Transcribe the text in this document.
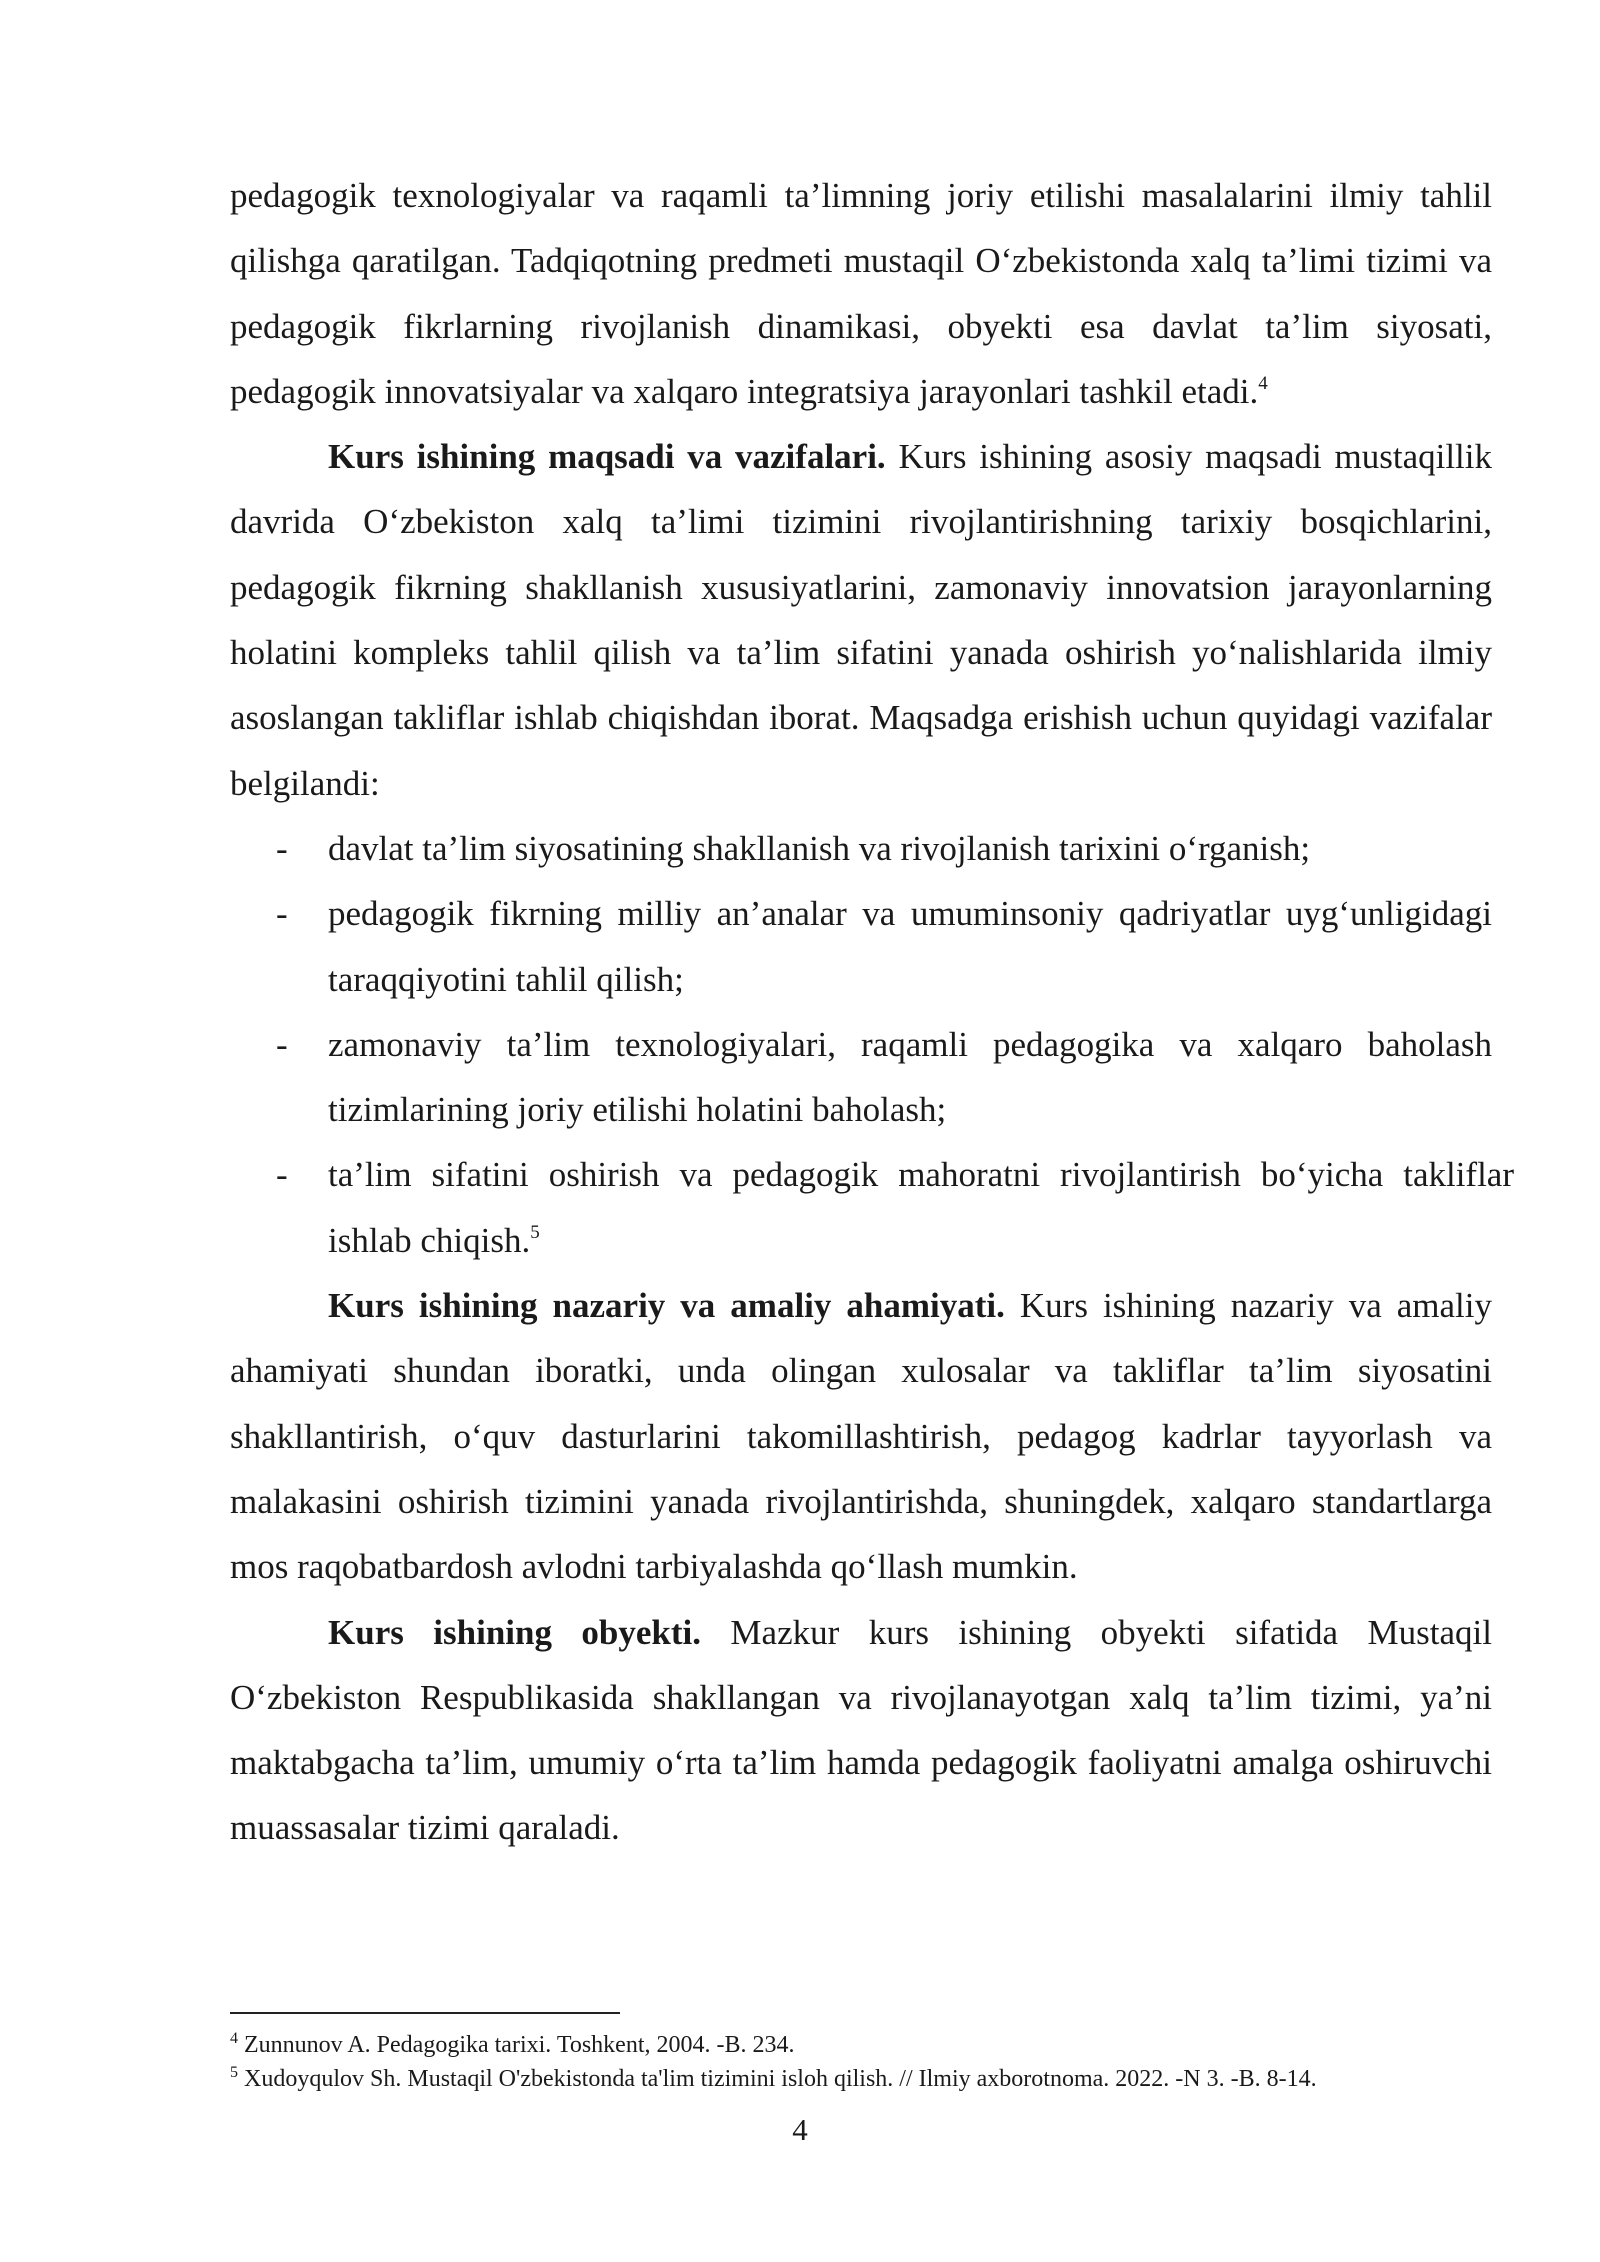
pedagogik texnologiyalar va raqamli ta’limning joriy etilishi masalalarini ilmiy tahlil qilishga qaratilgan. Tadqiqotning predmeti mustaqil O‘zbekistonda xalq ta’limi tizimi va pedagogik fikrlarning rivojlanish dinamikasi, obyekti esa davlat ta’lim siyosati, pedagogik innovatsiyalar va xalqaro integratsiya jarayonlari tashkil etadi.$^4$

Kurs ishining maqsadi va vazifalari. Kurs ishining asosiy maqsadi mustaqillik davrida O‘zbekiston xalq ta’limi tizimini rivojlantirishning tarixiy bosqichlarini, pedagogik fikrning shakllanish xususiyatlarini, zamonaviy innovatsion jarayonlarning holatini kompleks tahlil qilish va ta’lim sifatini yanada oshirish yo‘nalishlarida ilmiy asoslangan takliflar ishlab chiqishdan iborat. Maqsadga erishish uchun quyidagi vazifalar belgilandi:

- davlat ta’lim siyosatining shakllanish va rivojlanish tarixini o‘rganish;
- pedagogik fikrning milliy an’analar va umuminsoniy qadriyatlar uyg‘unligidagi taraqqiyotini tahlil qilish;
- zamonaviy ta’lim texnologiyalari, raqamli pedagogika va xalqaro baholash tizimlarining joriy etilishi holatini baholash;
- ta’lim sifatini oshirish va pedagogik mahoratni rivojlantirish bo‘yicha takliflar ishlab chiqish.$^5$

Kurs ishining nazariy va amaliy ahamiyati. Kurs ishining nazariy va amaliy ahamiyati shundan iboratki, unda olingan xulosalar va takliflar ta’lim siyosatini shakllantirish, o‘quv dasturlarini takomillashtirish, pedagog kadrlar tayyorlash va malakasini oshirish tizimini yanada rivojlantirishda, shuningdek, xalqaro standartlarga mos raqobatbardosh avlodni tarbiyalashda qo‘llash mumkin.

Kurs ishining obyekti. Mazkur kurs ishining obyekti sifatida Mustaqil O‘zbekiston Respublikasida shakllangan va rivojlanayotgan xalq ta’lim tizimi, ya’ni maktabgacha ta’lim, umumiy o‘rta ta’lim hamda pedagogik faoliyatni amalga oshiruvchi muassasalar tizimi qaraladi.

$^4$ Zunnunov A. Pedagogika tarixi. Toshkent, 2004. -B. 234.

$^5$ Xudoyqulov Sh. Mustaqil O'zbekistonda ta'lim tizimini isloh qilish. // Ilmiy axborotnoma. 2022. -N 3. -B. 8-14.

4
